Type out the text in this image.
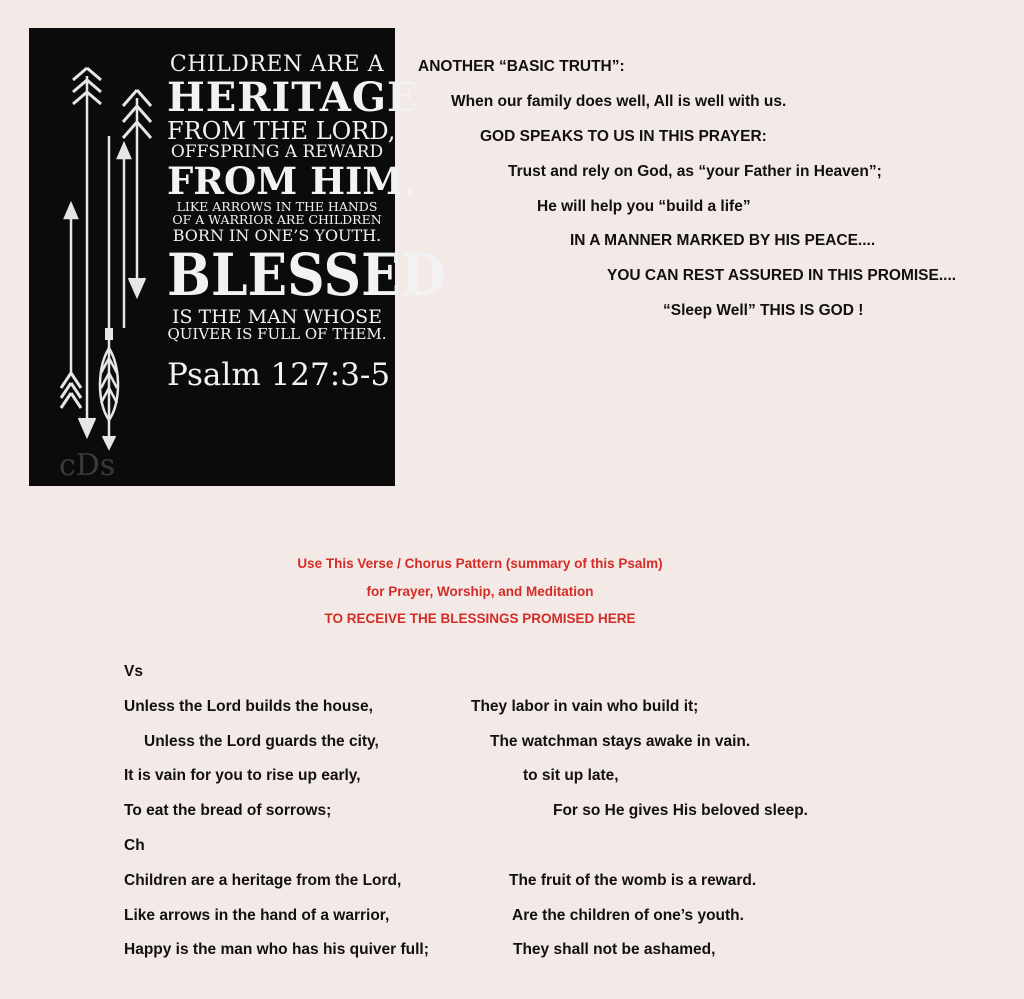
CHILDREN ARE A
HERITAGE
FROM THE LORD,
OFFSPRING A REWARD
FROM HIM.
LIKE ARROWS IN THE HANDS
OF A WARRIOR ARE CHILDREN
BORN IN ONE’S YOUTH.
BLESSED
IS THE MAN WHOSE
QUIVER IS FULL OF THEM.
Psalm 127:3-5
cDs
ANOTHER “BASIC TRUTH”:
When our family does well, All is well with us.
GOD SPEAKS TO US IN THIS PRAYER:
Trust and rely on God, as “your Father in Heaven”;
He will help you “build a life”
IN A MANNER MARKED BY HIS PEACE....
YOU CAN REST ASSURED IN THIS PROMISE....
“Sleep Well” THIS IS GOD !
Use This Verse / Chorus Pattern (summary of this Psalm)
for Prayer, Worship, and Meditation
TO RECEIVE THE BLESSINGS PROMISED HERE
Vs
Unless the Lord builds the house,	They labor in vain who build it;
Unless the Lord guards the city,	The watchman stays awake in vain.
It is vain for you to rise up early,	to sit up late,
To eat the bread of sorrows;	For so He gives His beloved sleep.
Ch
Children are a heritage from the Lord,	The fruit of the womb is a reward.
Like arrows in the hand of a warrior,	Are the children of one’s youth.
Happy is the man who has his quiver full;	They shall not be ashamed,
